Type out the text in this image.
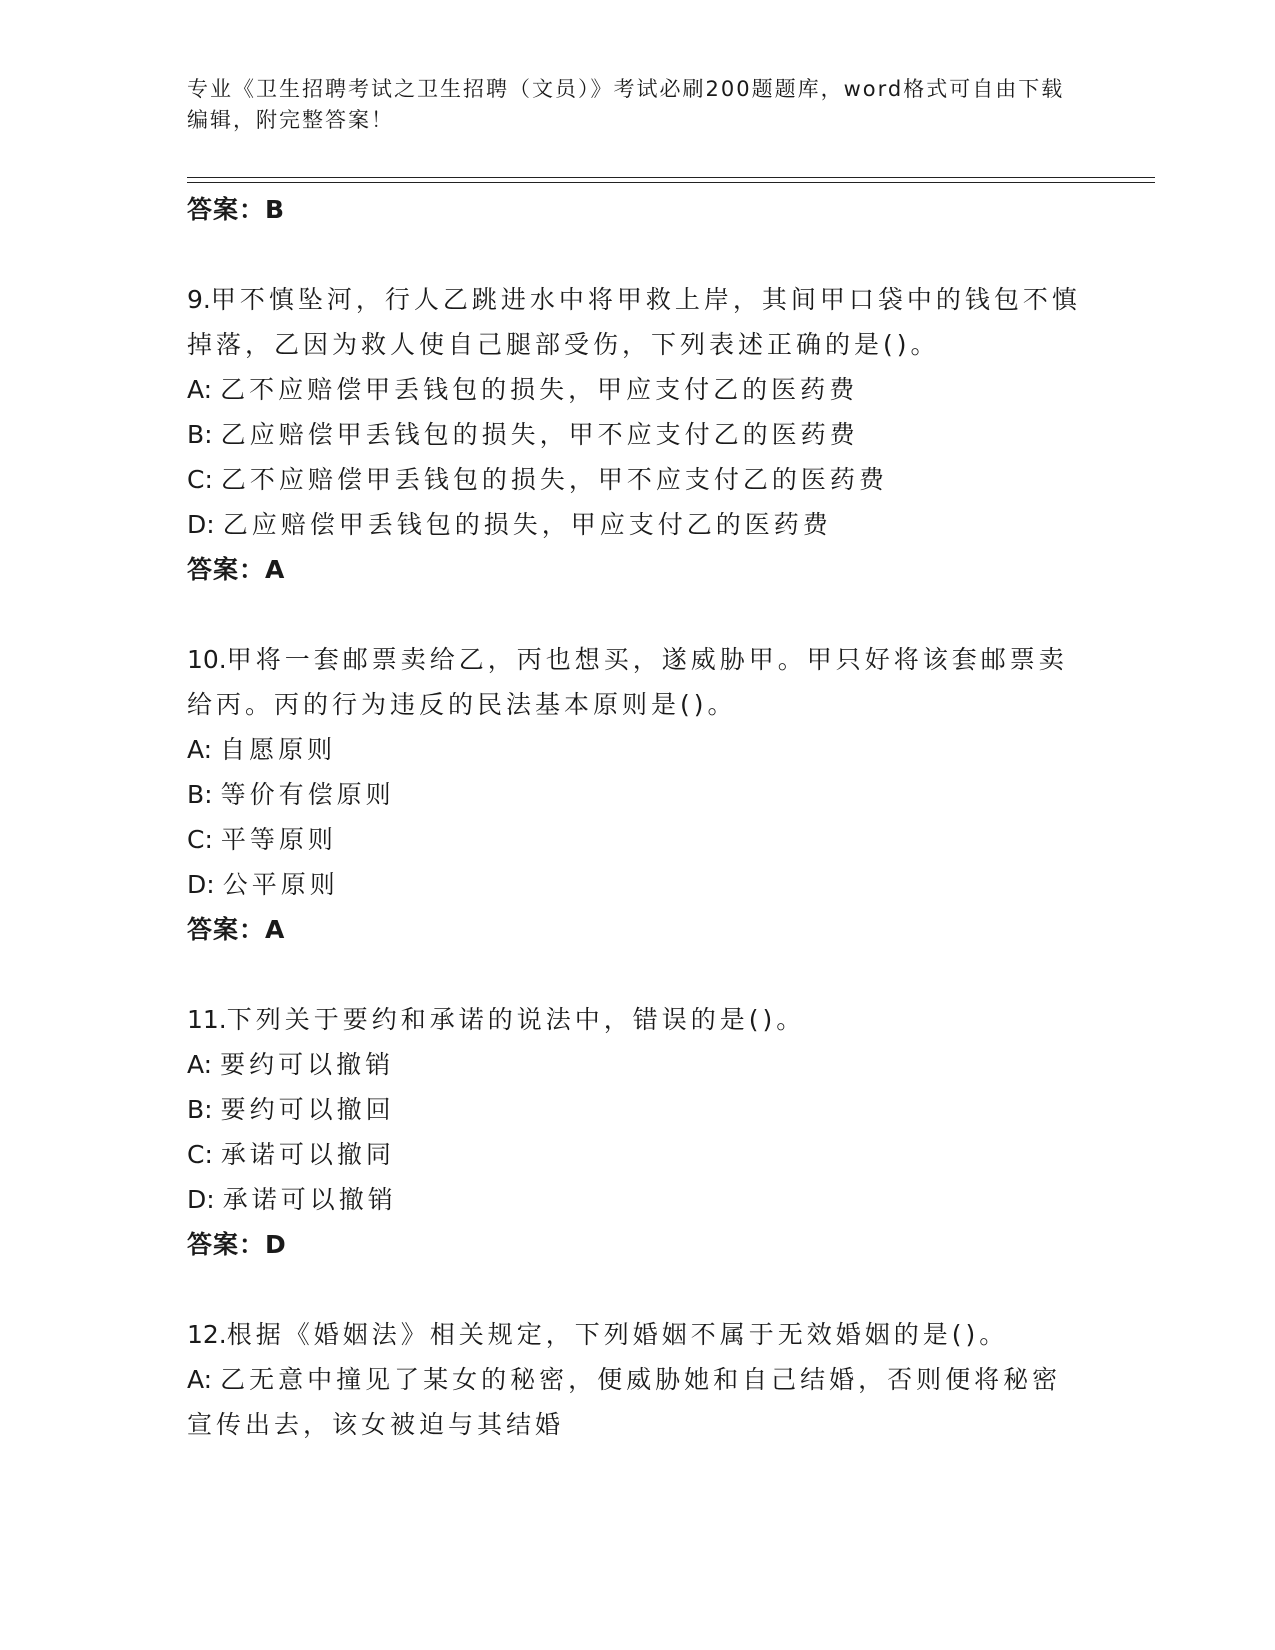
专业《卫生招聘考试之卫生招聘（文员）》考试必刷200题题库，word格式可自由下载编辑，附完整答案！

答案：B

9.甲不慎坠河，行人乙跳进水中将甲救上岸，其间甲口袋中的钱包不慎掉落，乙因为救人使自己腿部受伤，下列表述正确的是()。

A: 乙不应赔偿甲丢钱包的损失，甲应支付乙的医药费

B: 乙应赔偿甲丢钱包的损失，甲不应支付乙的医药费

C: 乙不应赔偿甲丢钱包的损失，甲不应支付乙的医药费

D: 乙应赔偿甲丢钱包的损失，甲应支付乙的医药费

答案：A

10.甲将一套邮票卖给乙，丙也想买，遂威胁甲。甲只好将该套邮票卖给丙。丙的行为违反的民法基本原则是()。

A: 自愿原则

B: 等价有偿原则

C: 平等原则

D: 公平原则

答案：A

11.下列关于要约和承诺的说法中，错误的是()。

A: 要约可以撤销

B: 要约可以撤回

C: 承诺可以撤同

D: 承诺可以撤销

答案：D

12.根据《婚姻法》相关规定，下列婚姻不属于无效婚姻的是()。

A: 乙无意中撞见了某女的秘密，便威胁她和自己结婚，否则便将秘密宣传出去，该女被迫与其结婚
